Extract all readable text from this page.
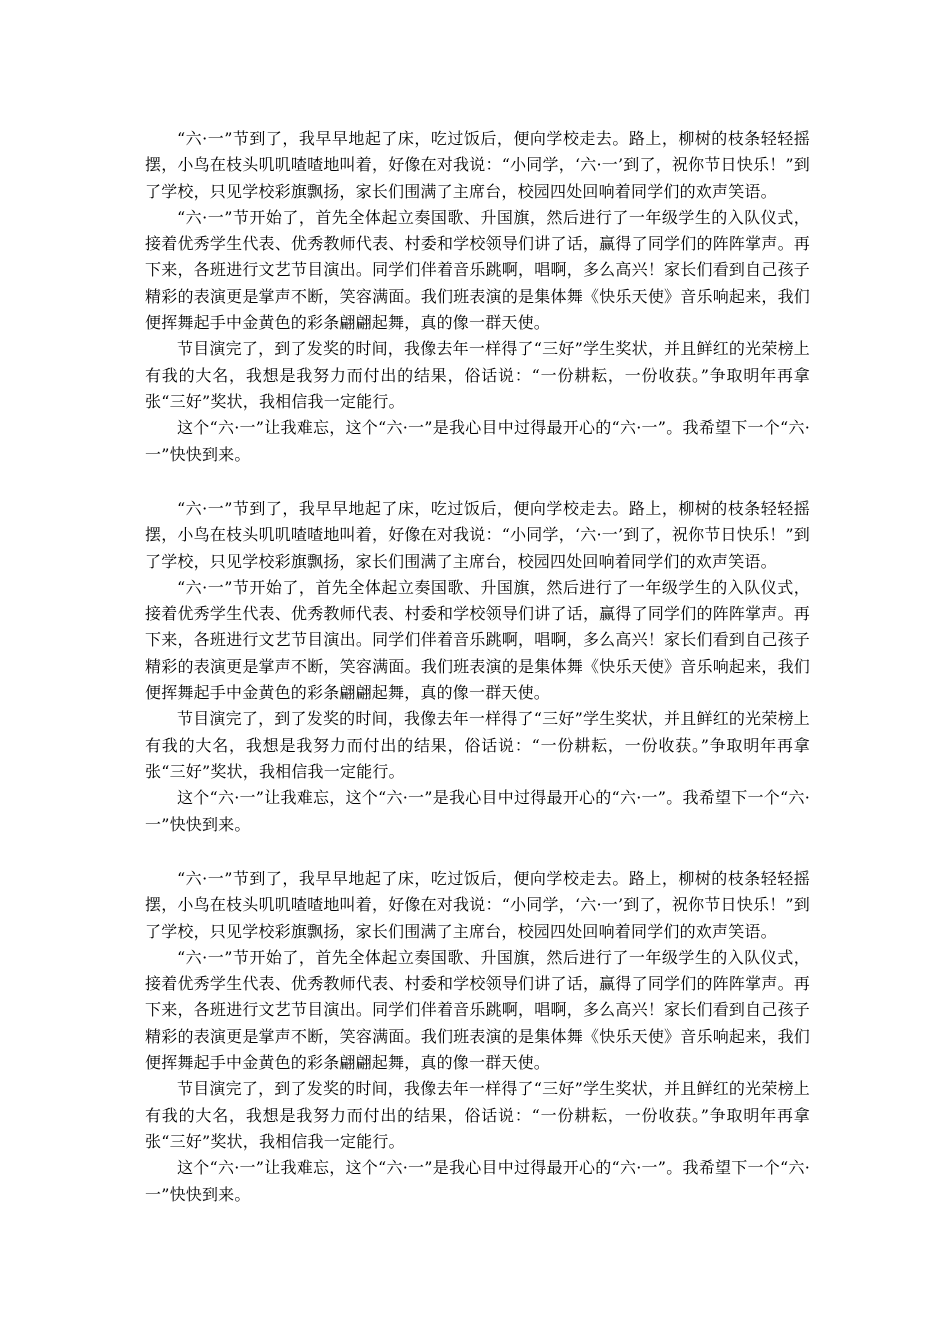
“六·一”节到了，我早早地起了床，吃过饭后，便向学校走去。路上，柳树的枝条轻轻摇摆，小鸟在枝头叽叽喳喳地叫着，好像在对我说：“小同学，‘六·一’到了，祝你节日快乐！”到了学校，只见学校彩旗飘扬，家长们围满了主席台，校园四处回响着同学们的欢声笑语。

“六·一”节开始了，首先全体起立奏国歌、升国旗，然后进行了一年级学生的入队仪式，接着优秀学生代表、优秀教师代表、村委和学校领导们讲了话，赢得了同学们的阵阵掌声。再下来，各班进行文艺节目演出。同学们伴着音乐跳啊，唱啊，多么高兴！家长们看到自己孩子精彩的表演更是掌声不断，笑容满面。我们班表演的是集体舞《快乐天使》音乐响起来，我们便挥舞起手中金黄色的彩条翩翩起舞，真的像一群天使。

节目演完了，到了发奖的时间，我像去年一样得了“三好”学生奖状，并且鲜红的光荣榜上有我的大名，我想是我努力而付出的结果，俗话说：“一份耕耘，一份收获。”争取明年再拿张“三好”奖状，我相信我一定能行。

这个“六·一”让我难忘，这个“六·一”是我心目中过得最开心的“六·一”。我希望下一个“六·一”快快到来。

“六·一”节到了，我早早地起了床，吃过饭后，便向学校走去。路上，柳树的枝条轻轻摇摆，小鸟在枝头叽叽喳喳地叫着，好像在对我说：“小同学，‘六·一’到了，祝你节日快乐！”到了学校，只见学校彩旗飘扬，家长们围满了主席台，校园四处回响着同学们的欢声笑语。

“六·一”节开始了，首先全体起立奏国歌、升国旗，然后进行了一年级学生的入队仪式，接着优秀学生代表、优秀教师代表、村委和学校领导们讲了话，赢得了同学们的阵阵掌声。再下来，各班进行文艺节目演出。同学们伴着音乐跳啊，唱啊，多么高兴！家长们看到自己孩子精彩的表演更是掌声不断，笑容满面。我们班表演的是集体舞《快乐天使》音乐响起来，我们便挥舞起手中金黄色的彩条翩翩起舞，真的像一群天使。

节目演完了，到了发奖的时间，我像去年一样得了“三好”学生奖状，并且鲜红的光荣榜上有我的大名，我想是我努力而付出的结果，俗话说：“一份耕耘，一份收获。”争取明年再拿张“三好”奖状，我相信我一定能行。

这个“六·一”让我难忘，这个“六·一”是我心目中过得最开心的“六·一”。我希望下一个“六·一”快快到来。

“六·一”节到了，我早早地起了床，吃过饭后，便向学校走去。路上，柳树的枝条轻轻摇摆，小鸟在枝头叽叽喳喳地叫着，好像在对我说：“小同学，‘六·一’到了，祝你节日快乐！”到了学校，只见学校彩旗飘扬，家长们围满了主席台，校园四处回响着同学们的欢声笑语。

“六·一”节开始了，首先全体起立奏国歌、升国旗，然后进行了一年级学生的入队仪式，接着优秀学生代表、优秀教师代表、村委和学校领导们讲了话，赢得了同学们的阵阵掌声。再下来，各班进行文艺节目演出。同学们伴着音乐跳啊，唱啊，多么高兴！家长们看到自己孩子精彩的表演更是掌声不断，笑容满面。我们班表演的是集体舞《快乐天使》音乐响起来，我们便挥舞起手中金黄色的彩条翩翩起舞，真的像一群天使。

节目演完了，到了发奖的时间，我像去年一样得了“三好”学生奖状，并且鲜红的光荣榜上有我的大名，我想是我努力而付出的结果，俗话说：“一份耕耘，一份收获。”争取明年再拿张“三好”奖状，我相信我一定能行。

这个“六·一”让我难忘，这个“六·一”是我心目中过得最开心的“六·一”。我希望下一个“六·一”快快到来。
